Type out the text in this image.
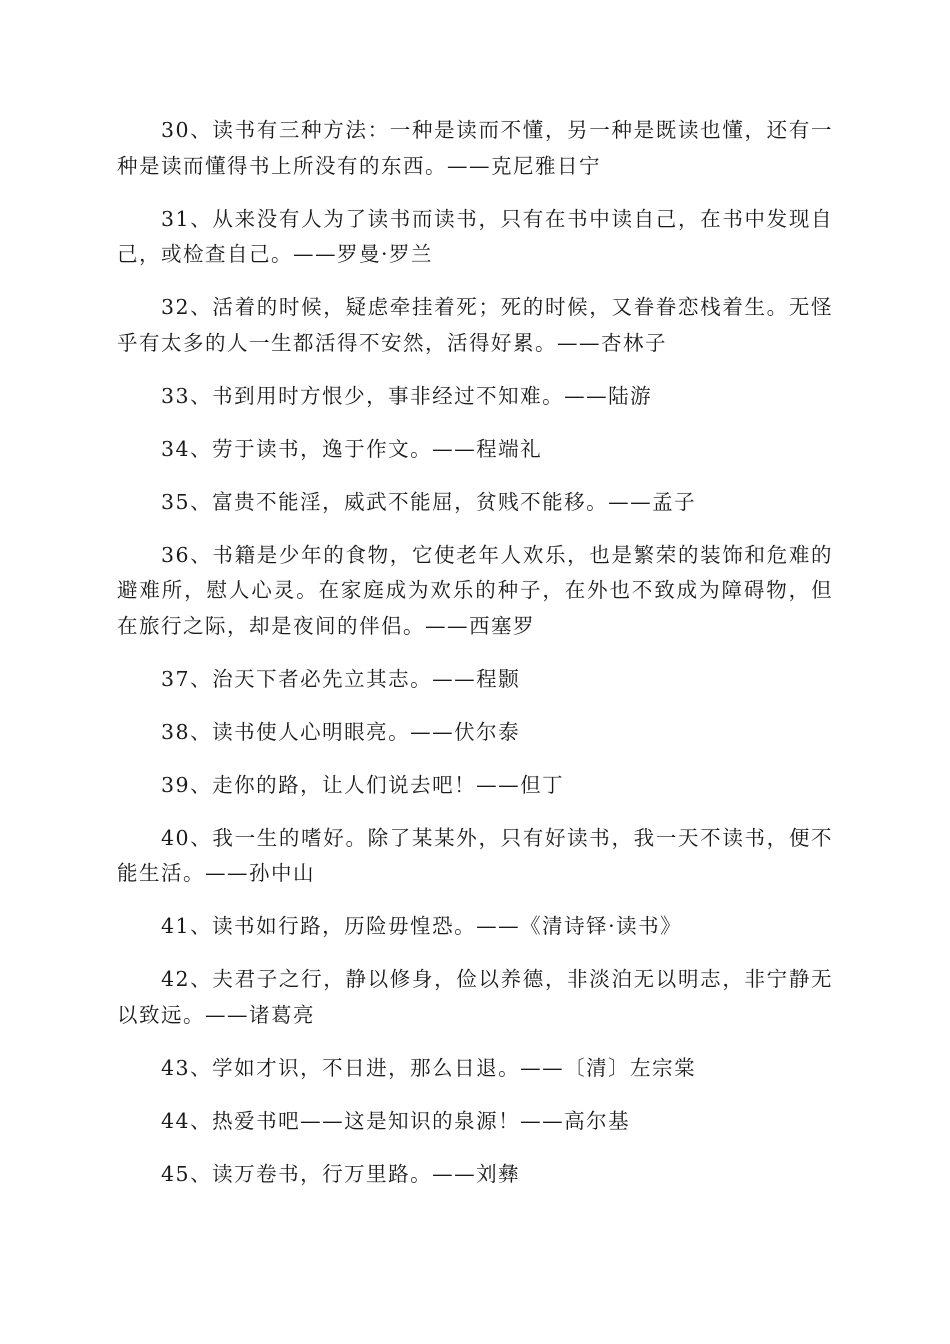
30、读书有三种方法：一种是读而不懂，另一种是既读也懂，还有一种是读而懂得书上所没有的东西。——克尼雅日宁

31、从来没有人为了读书而读书，只有在书中读自己，在书中发现自己，或检查自己。——罗曼·罗兰

32、活着的时候，疑虑牵挂着死；死的时候，又眷眷恋栈着生。无怪乎有太多的人一生都活得不安然，活得好累。——杏林子

33、书到用时方恨少，事非经过不知难。——陆游

34、劳于读书，逸于作文。——程端礼

35、富贵不能淫，威武不能屈，贫贱不能移。——孟子

36、书籍是少年的食物，它使老年人欢乐，也是繁荣的装饰和危难的避难所，慰人心灵。在家庭成为欢乐的种子，在外也不致成为障碍物，但在旅行之际，却是夜间的伴侣。——西塞罗

37、治天下者必先立其志。——程颢

38、读书使人心明眼亮。——伏尔泰

39、走你的路，让人们说去吧！——但丁

40、我一生的嗜好。除了某某外，只有好读书，我一天不读书，便不能生活。——孙中山

41、读书如行路，历险毋惶恐。——《清诗铎·读书》

42、夫君子之行，静以修身，俭以养德，非淡泊无以明志，非宁静无以致远。——诸葛亮

43、学如才识，不日进，那么日退。——〔清〕左宗棠

44、热爱书吧——这是知识的泉源！——高尔基

45、读万卷书，行万里路。——刘彝
